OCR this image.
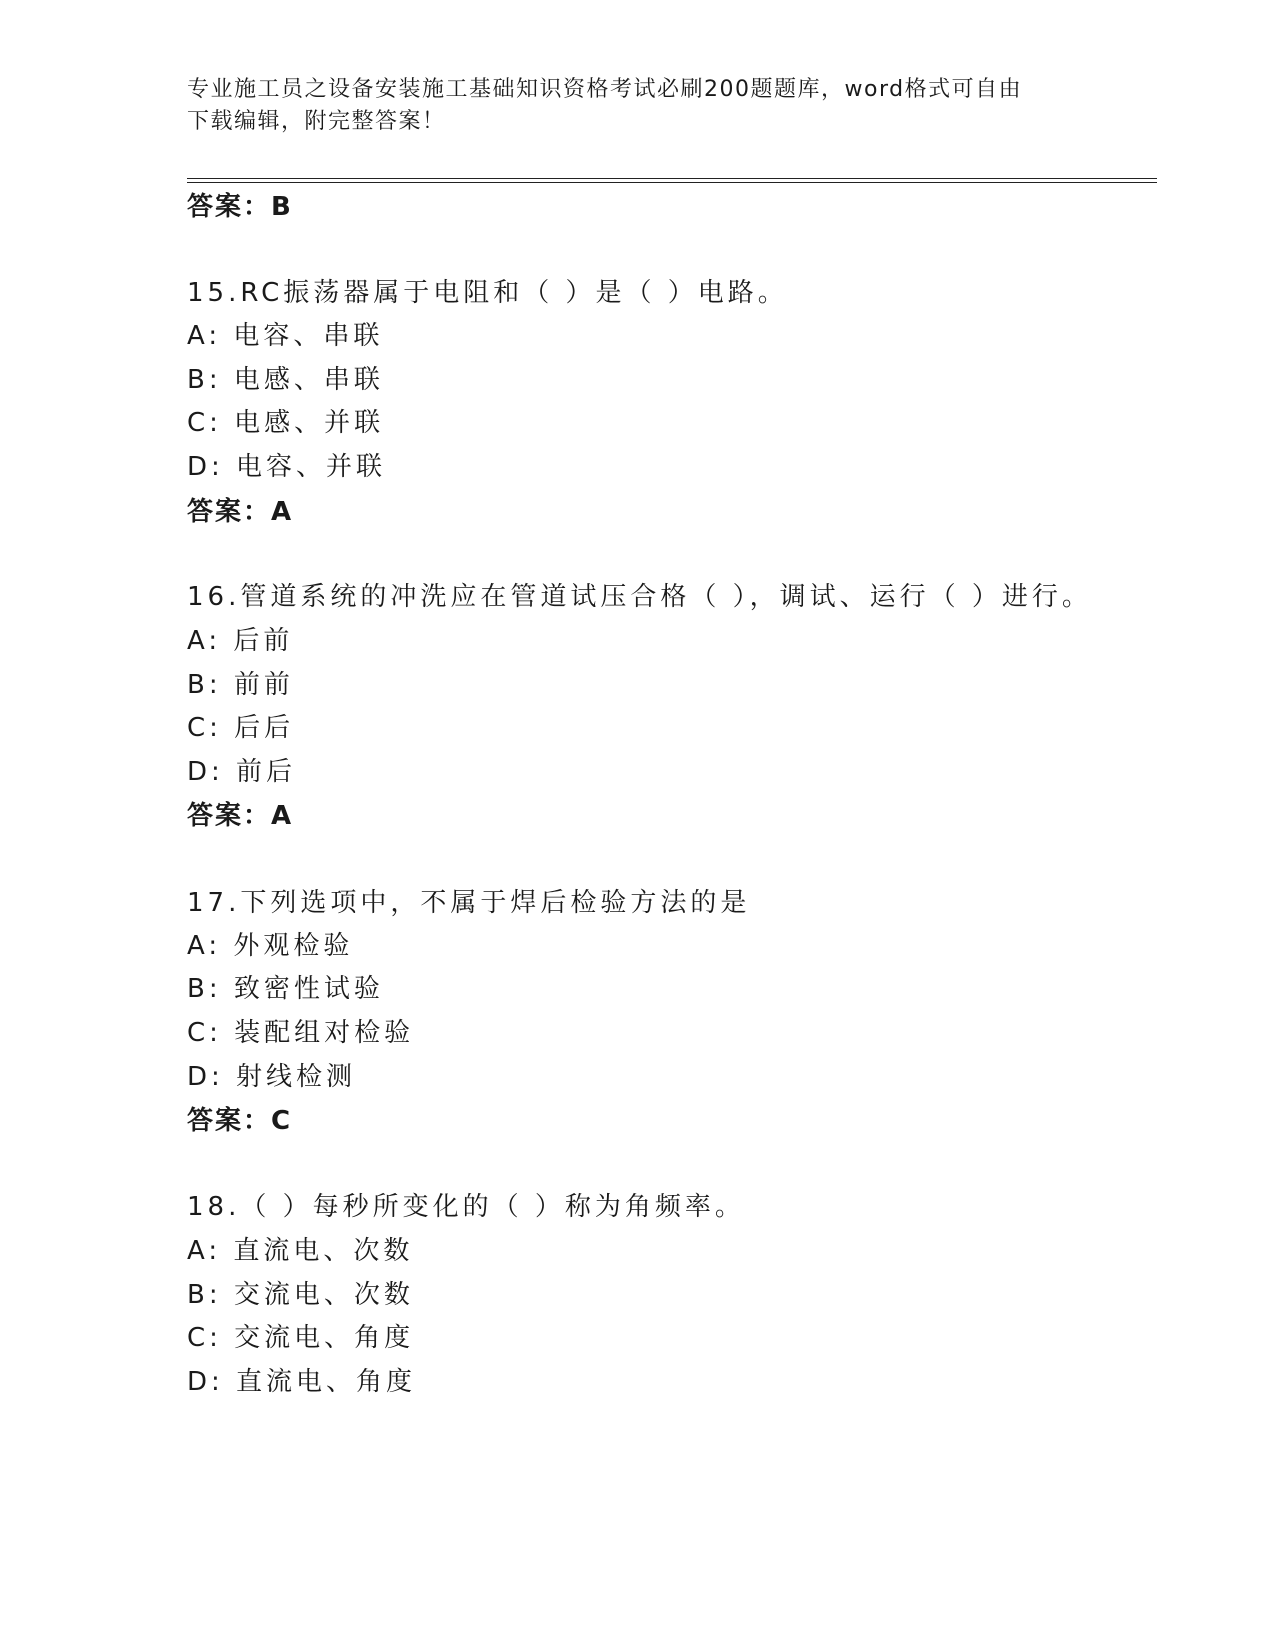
专业施工员之设备安装施工基础知识资格考试必刷200题题库，word格式可自由
下载编辑，附完整答案！
答案：B
15.RC振荡器属于电阻和（ ）是（ ）电路。
A: 电容、串联
B: 电感、串联
C: 电感、并联
D: 电容、并联
答案：A
16.管道系统的冲洗应在管道试压合格（ ），调试、运行（ ）进行。
A: 后前
B: 前前
C: 后后
D: 前后
答案：A
17.下列选项中，不属于焊后检验方法的是
A: 外观检验
B: 致密性试验
C: 装配组对检验
D: 射线检测
答案：C
18.（ ）每秒所变化的（ ）称为角频率。
A: 直流电、次数
B: 交流电、次数
C: 交流电、角度
D: 直流电、角度
